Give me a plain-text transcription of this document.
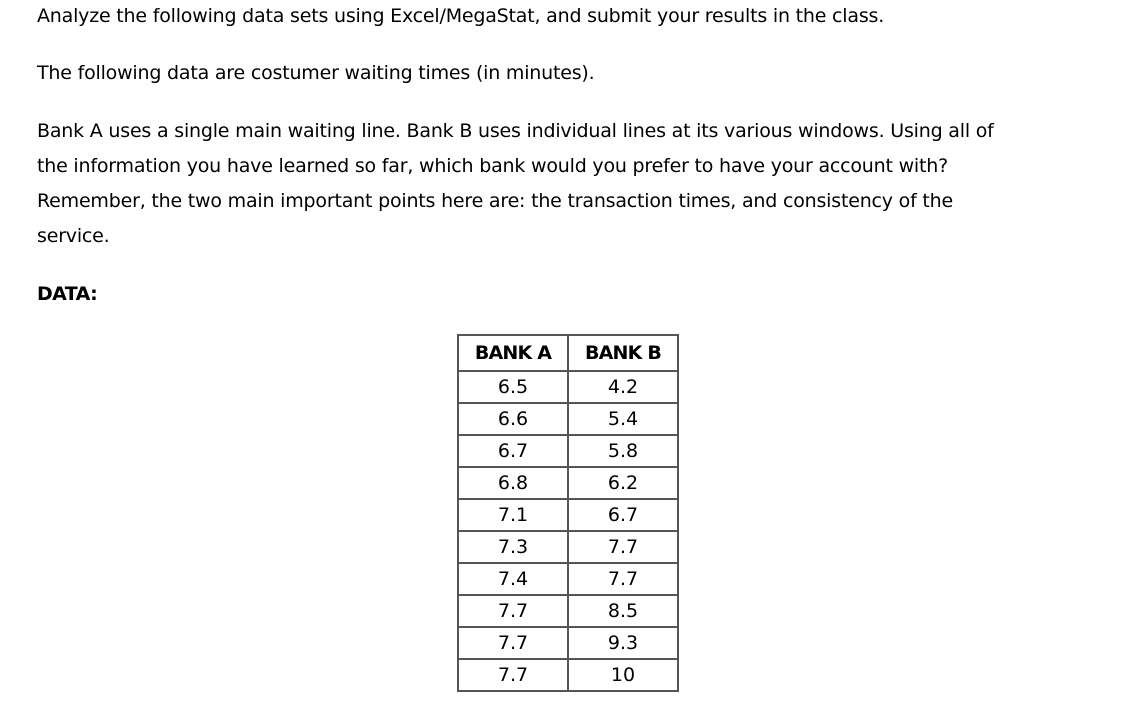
Analyze the following data sets using Excel/MegaStat, and submit your results in the class.

The following data are costumer waiting times (in minutes).

Bank A uses a single main waiting line. Bank B uses individual lines at its various windows. Using all of
the information you have learned so far, which bank would you prefer to have your account with?
Remember, the two main important points here are: the transaction times, and consistency of the
service.

DATA:

BANK A	BANK B
6.5	4.2
6.6	5.4
6.7	5.8
6.8	6.2
7.1	6.7
7.3	7.7
7.4	7.7
7.7	8.5
7.7	9.3
7.7	10
